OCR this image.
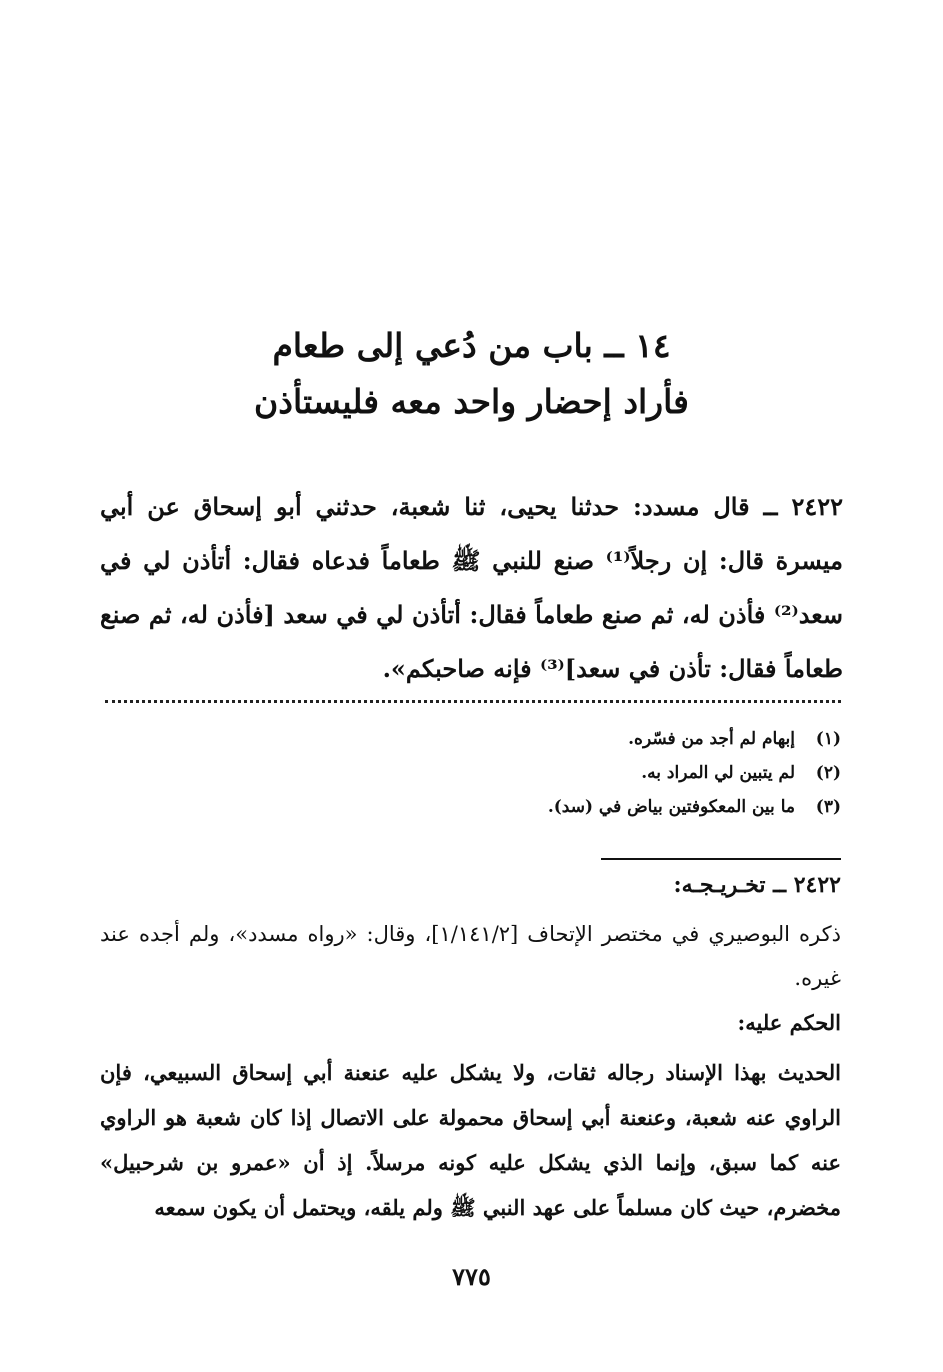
١٤ ــ باب من دُعي إلى طعام
فأراد إحضار واحد معه فليستأذن

٢٤٢٢ ــ قال مسدد: حدثنا يحيى، ثنا شعبة، حدثني أبو إسحاق عن أبي ميسرة قال: إن رجلاً⁽¹⁾ صنع للنبي ﷺ طعاماً فدعاه فقال: أتأذن لي في سعد⁽²⁾ فأذن له، ثم صنع طعاماً فقال: أتأذن لي في سعد [فأذن له، ثم صنع طعاماً فقال: تأذن في سعد]⁽³⁾ فإنه صاحبكم».

(١)
إبهام لم أجد من فسّره.
(٢)
لم يتبين لي المراد به.
(٣)
ما بين المعكوفتين بياض في (سد).
٢٤٢٢ ــ تخـريـجـه:
ذكره البوصيري في مختصر الإتحاف [١/١٤١/٢]، وقال: «رواه مسدد»، ولم أجده عند غيره.
الحكم عليه:
الحديث بهذا الإسناد رجاله ثقات، ولا يشكل عليه عنعنة أبي إسحاق السبيعي، فإن الراوي عنه شعبة، وعنعنة أبي إسحاق محمولة على الاتصال إذا كان شعبة هو الراوي عنه كما سبق، وإنما الذي يشكل عليه كونه مرسلاً. إذ أن «عمرو بن شرحبيل» مخضرم، حيث كان مسلماً على عهد النبي ﷺ ولم يلقه، ويحتمل أن يكون سمعه
٧٧٥
